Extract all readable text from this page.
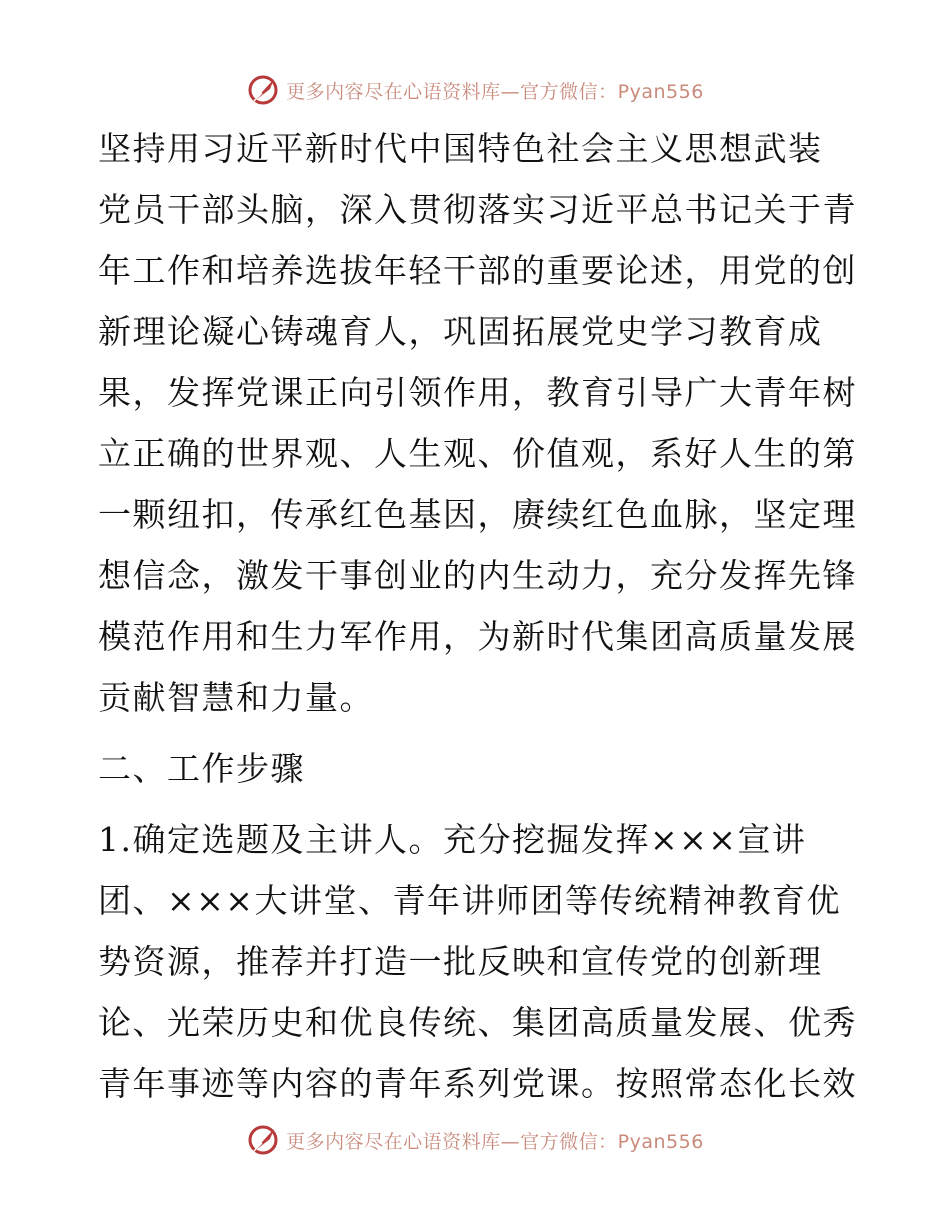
更多内容尽在心语资料库—官方微信：Pyan556
坚持用习近平新时代中国特色社会主义思想武装
党员干部头脑，深入贯彻落实习近平总书记关于青
年工作和培养选拔年轻干部的重要论述，用党的创
新理论凝心铸魂育人，巩固拓展党史学习教育成
果，发挥党课正向引领作用，教育引导广大青年树
立正确的世界观、人生观、价值观，系好人生的第
一颗纽扣，传承红色基因，赓续红色血脉，坚定理
想信念，激发干事创业的内生动力，充分发挥先锋
模范作用和生力军作用，为新时代集团高质量发展
贡献智慧和力量。
二、工作步骤
1.确定选题及主讲人。充分挖掘发挥×××宣讲
团、×××大讲堂、青年讲师团等传统精神教育优
势资源，推荐并打造一批反映和宣传党的创新理
论、光荣历史和优良传统、集团高质量发展、优秀
青年事迹等内容的青年系列党课。按照常态化长效
更多内容尽在心语资料库—官方微信：Pyan556
